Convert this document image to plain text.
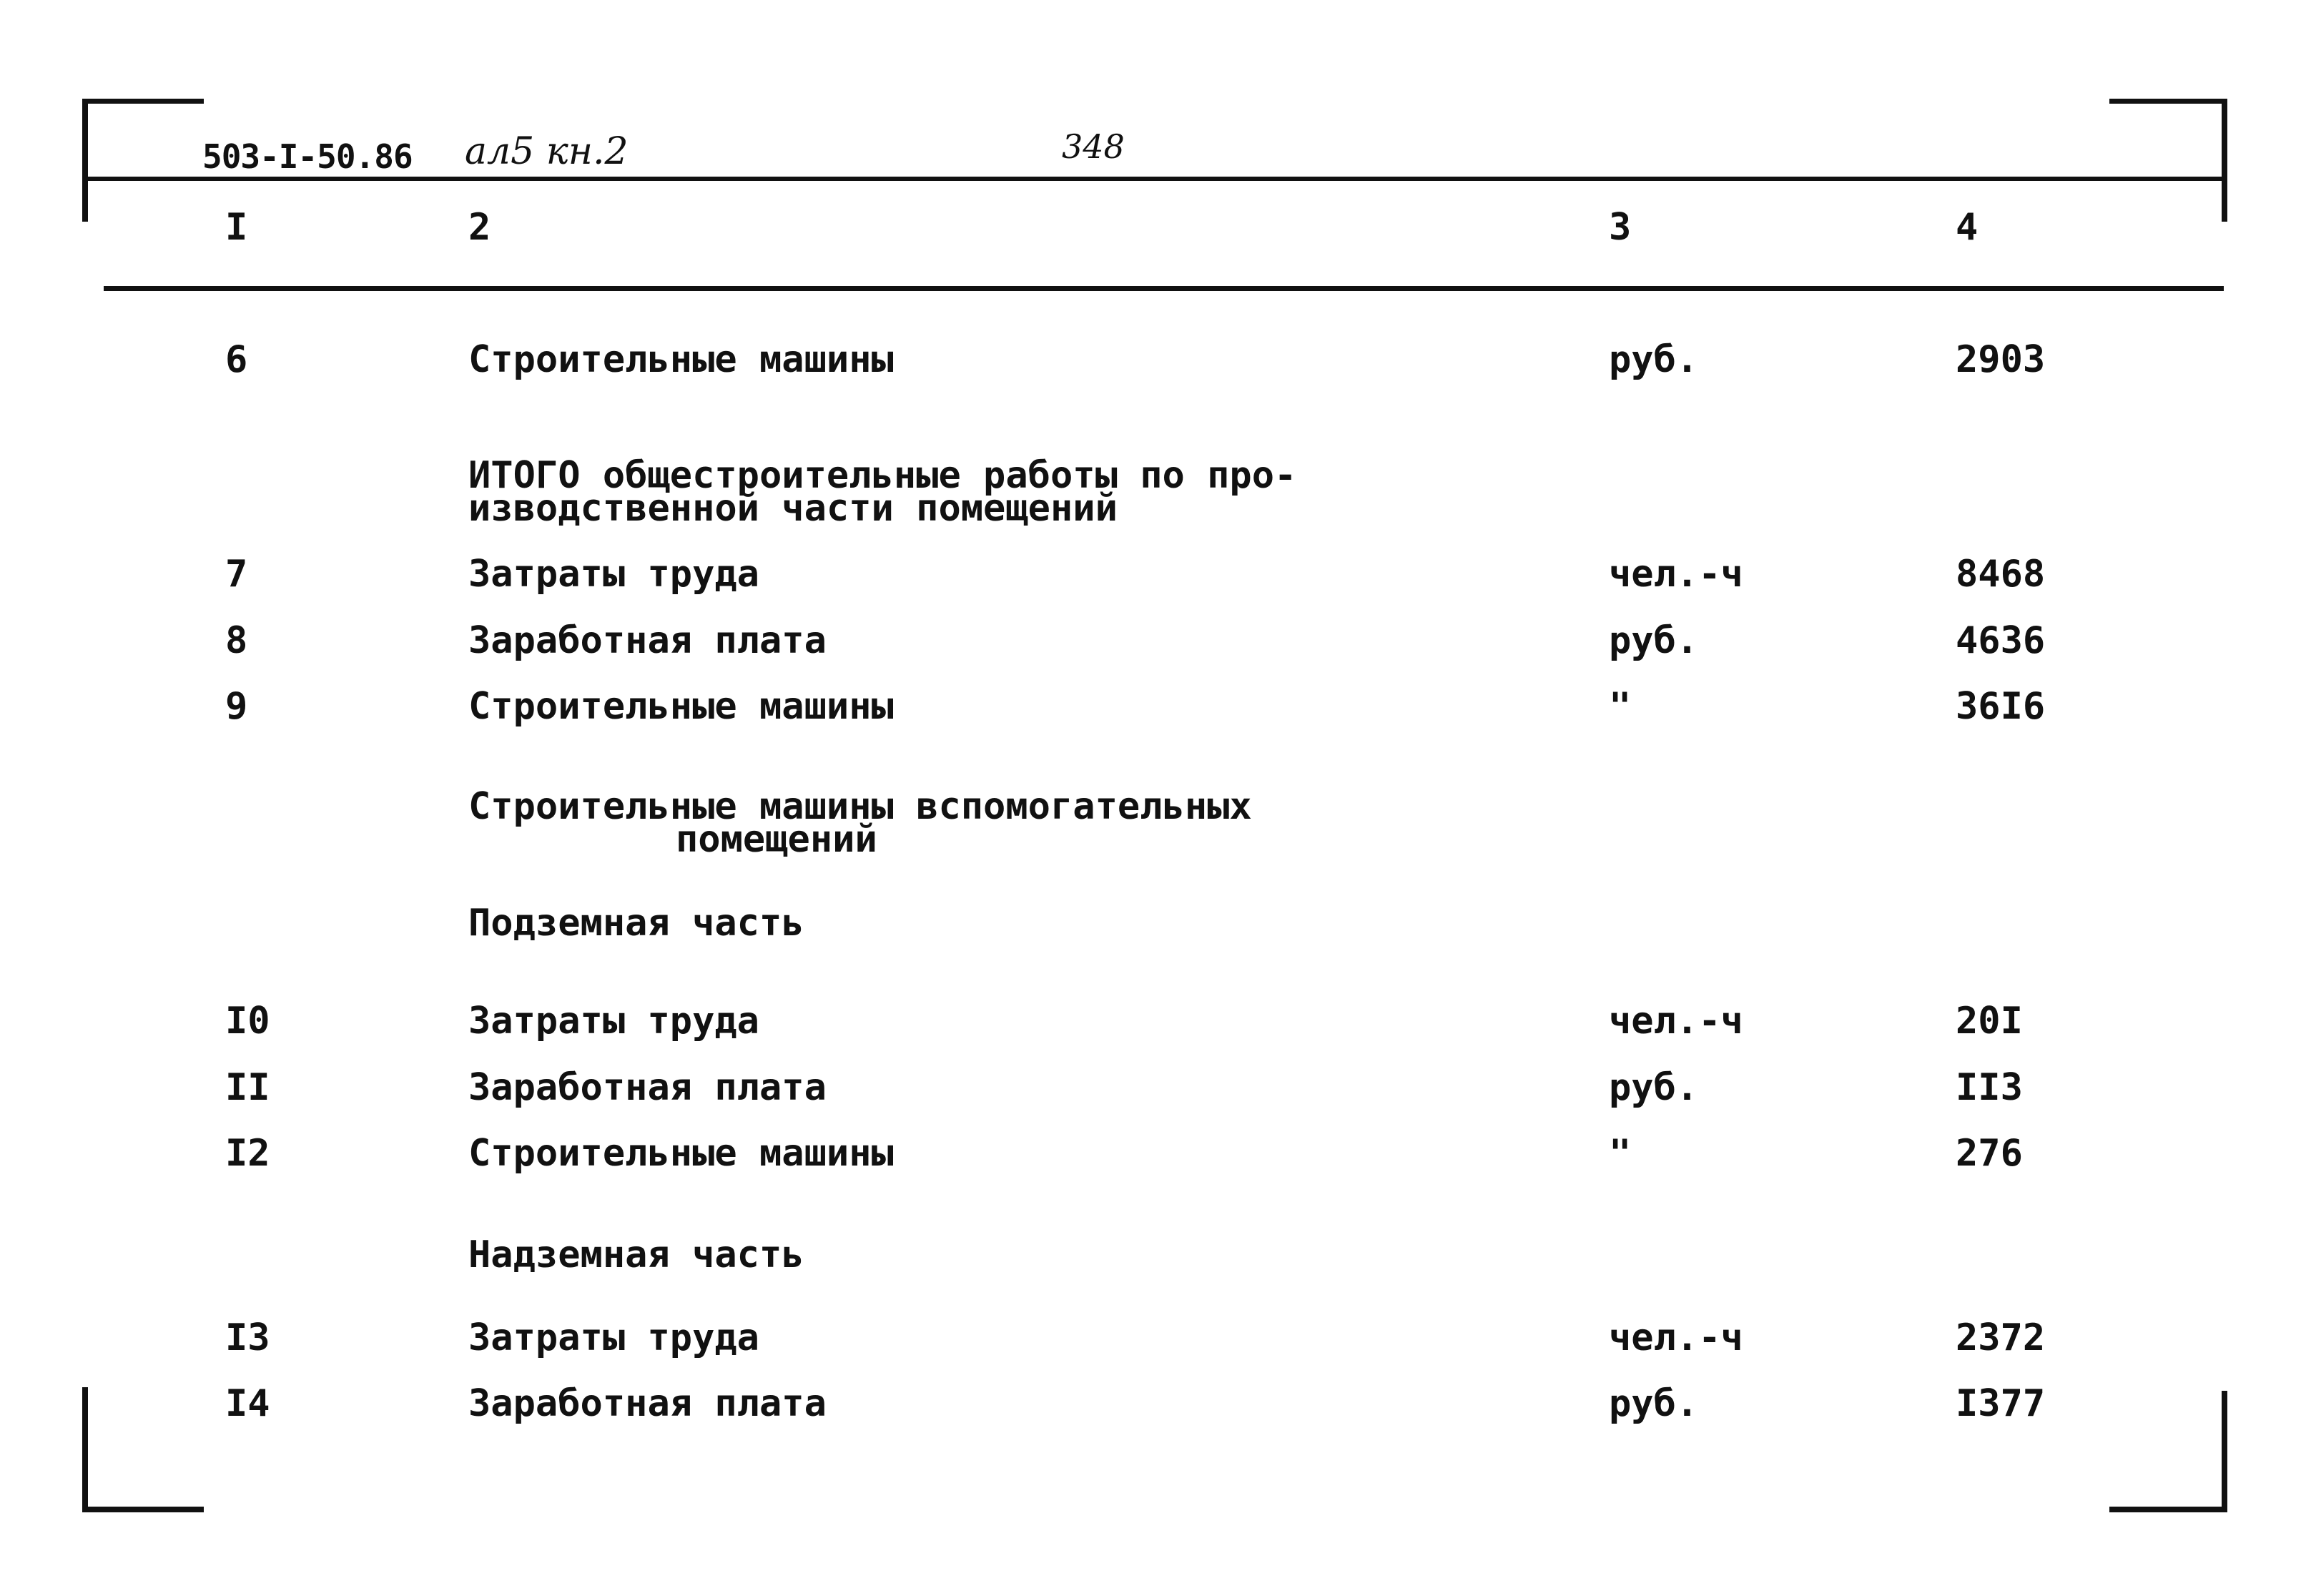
503-I-50.86 ал5 кн.2	348
I	2	3	4
6	Строительные машины	руб.	2903
ИТОГО общестроительные работы по про-
изводственной части помещений
7	Затраты труда	чел.-ч	8468
8	Заработная плата	руб.	4636
9	Строительные машины	"	36I6
Строительные машины вспомогательных
помещений
Подземная часть
I0	Затраты труда	чел.-ч	20I
II	Заработная плата	руб.	II3
I2	Строительные машины	"	276
Надземная часть
I3	Затраты труда	чел.-ч	2372
I4	Заработная плата	руб.	I377
